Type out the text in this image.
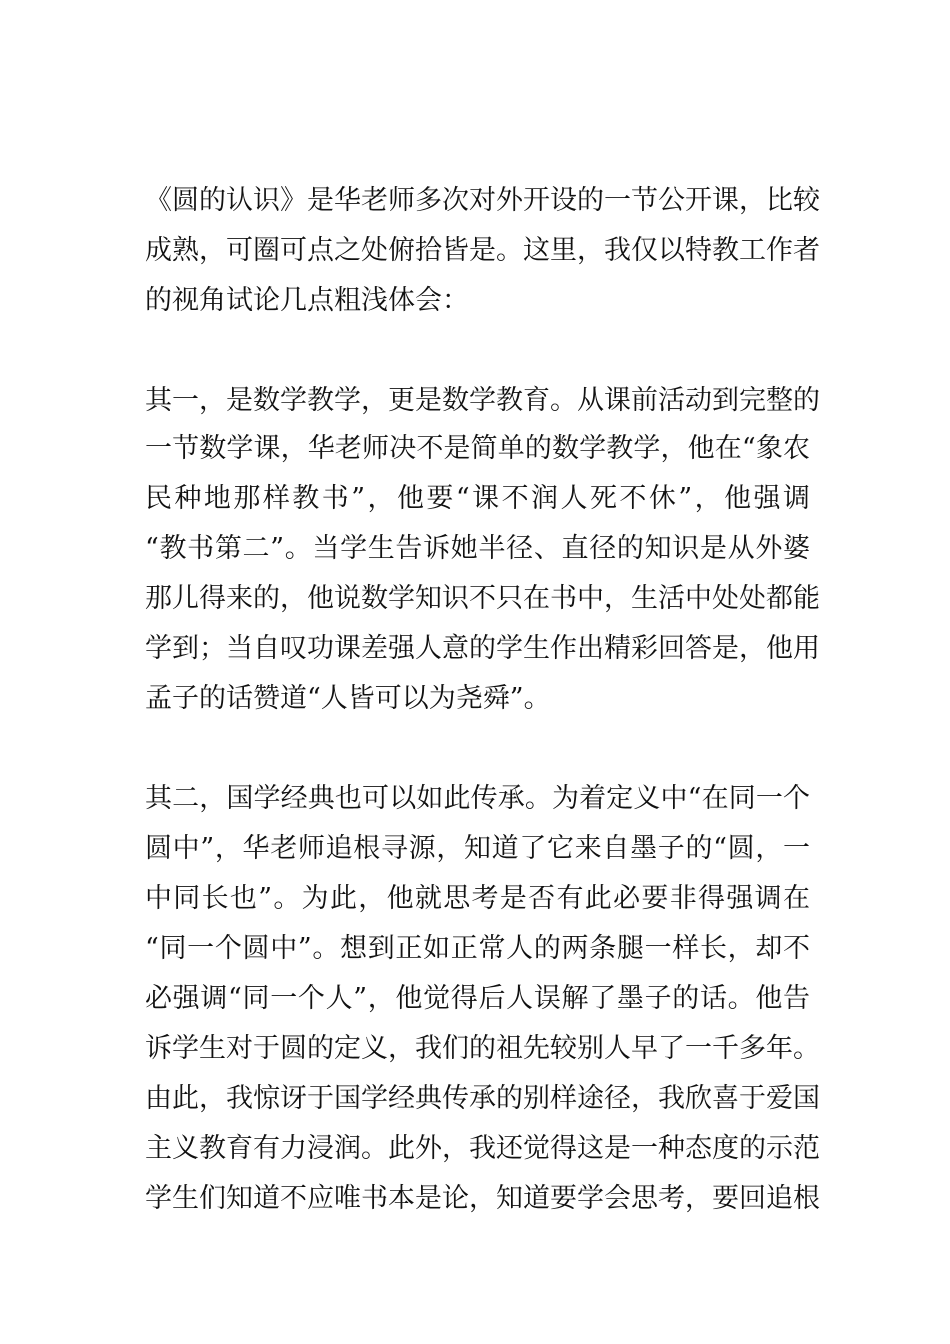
《圆的认识》是华老师多次对外开设的一节公开课，比较
成熟，可圈可点之处俯拾皆是。这里，我仅以特教工作者
的视角试论几点粗浅体会：
其一，是数学教学，更是数学教育。从课前活动到完整的
一节数学课，华老师决不是简单的数学教学，他在“象农
民种地那样教书”，他要“课不润人死不休”，他强调
“教书第二”。当学生告诉她半径、直径的知识是从外婆
那儿得来的，他说数学知识不只在书中，生活中处处都能
学到；当自叹功课差强人意的学生作出精彩回答是，他用
孟子的话赞道“人皆可以为尧舜”。
其二，国学经典也可以如此传承。为着定义中“在同一个
圆中”，华老师追根寻源，知道了它来自墨子的“圆，一
中同长也”。为此，他就思考是否有此必要非得强调在
“同一个圆中”。想到正如正常人的两条腿一样长，却不
必强调“同一个人”，他觉得后人误解了墨子的话。他告
诉学生对于圆的定义，我们的祖先较别人早了一千多年。
由此，我惊讶于国学经典传承的别样途径，我欣喜于爱国
主义教育有力浸润。此外，我还觉得这是一种态度的示范
学生们知道不应唯书本是论，知道要学会思考，要回追根
